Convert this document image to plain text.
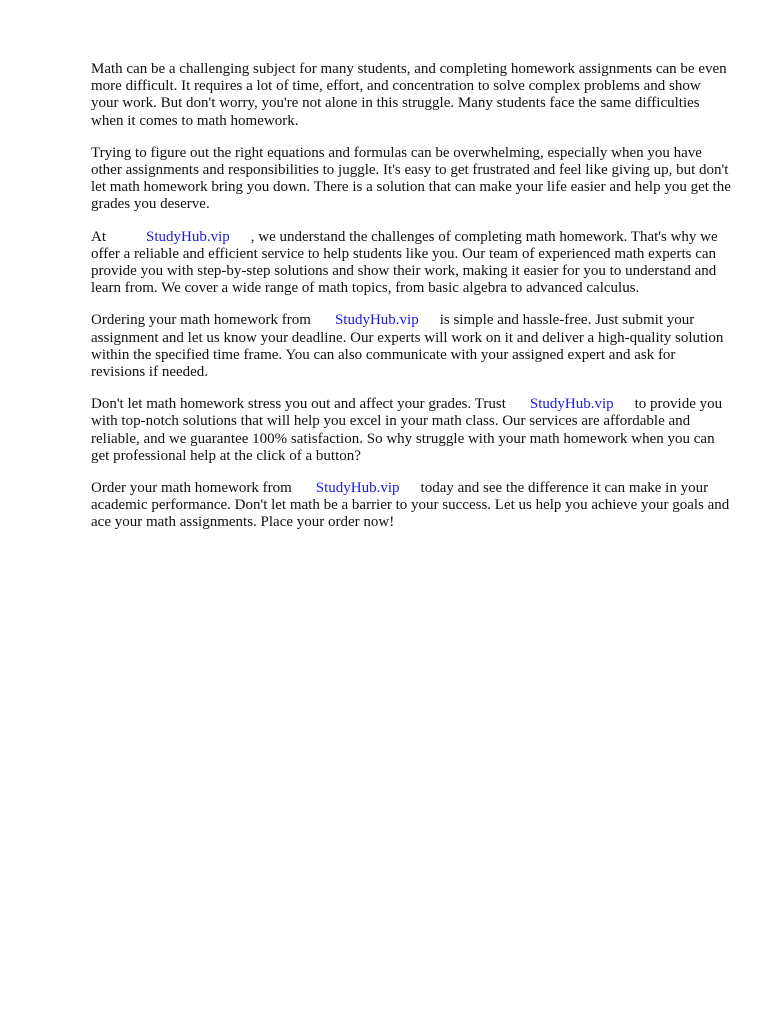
Math can be a challenging subject for many students, and completing homework assignments can be even more difficult. It requires a lot of time, effort, and concentration to solve complex problems and show your work. But don't worry, you're not alone in this struggle. Many students face the same difficulties when it comes to math homework.

Trying to figure out the right equations and formulas can be overwhelming, especially when you have other assignments and responsibilities to juggle. It's easy to get frustrated and feel like giving up, but don't let math homework bring you down. There is a solution that can make your life easier and help you get the grades you deserve.

At	StudyHub.vip , we understand the challenges of completing math homework. That's why we offer a reliable and efficient service to help students like you. Our team of experienced math experts can provide you with step-by-step solutions and show their work, making it easier for you to understand and learn from. We cover a wide range of math topics, from basic algebra to advanced calculus.

Ordering your math homework from StudyHub.vip is simple and hassle-free. Just submit your assignment and let us know your deadline. Our experts will work on it and deliver a high-quality solution within the specified time frame. You can also communicate with your assigned expert and ask for revisions if needed.

Don't let math homework stress you out and affect your grades. Trust StudyHub.vip to provide you with top-notch solutions that will help you excel in your math class. Our services are affordable and reliable, and we guarantee 100% satisfaction. So why struggle with your math homework when you can get professional help at the click of a button?

Order your math homework from StudyHub.vip today and see the difference it can make in your academic performance. Don't let math be a barrier to your success. Let us help you achieve your goals and ace your math assignments. Place your order now!
